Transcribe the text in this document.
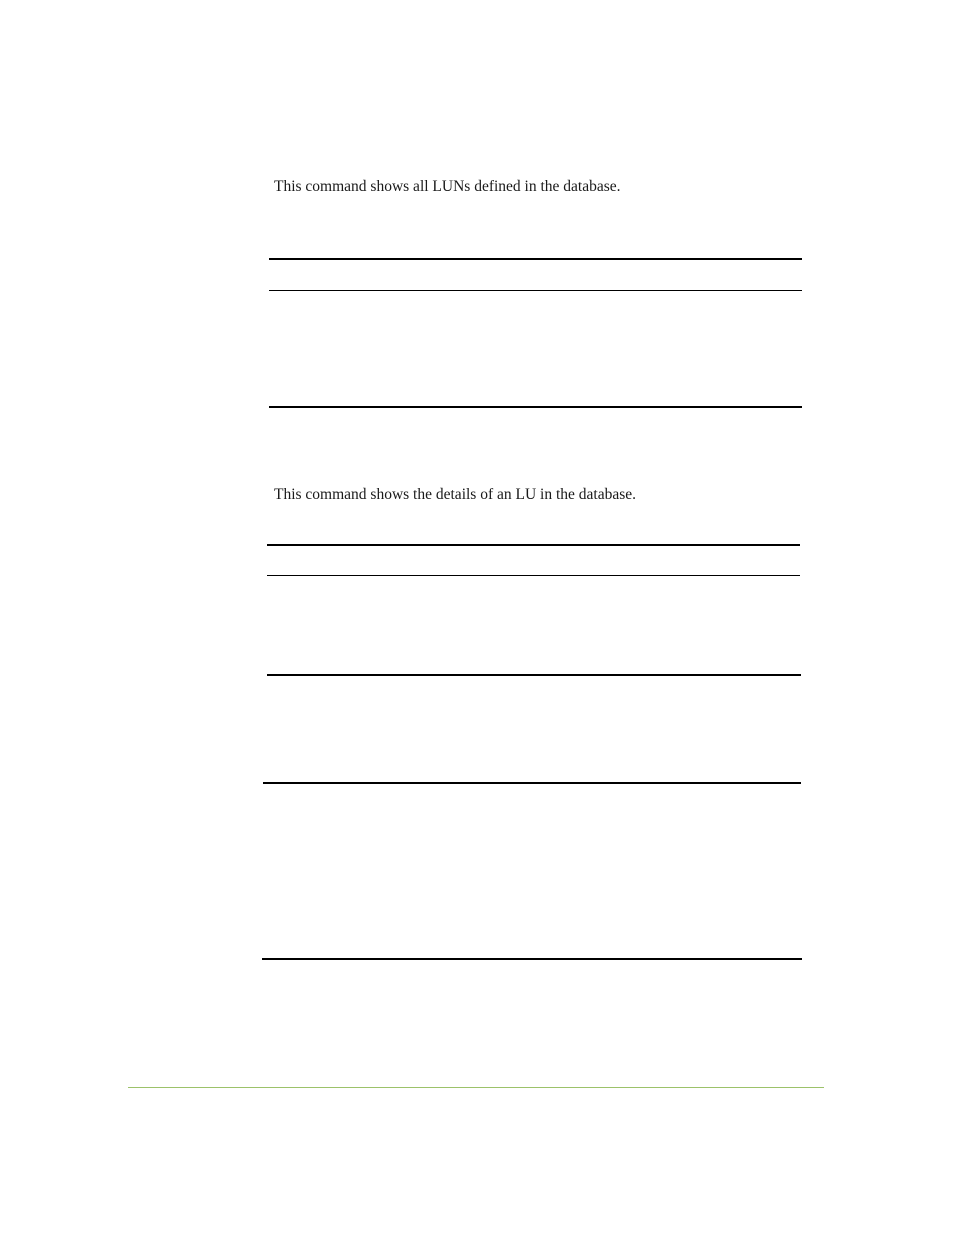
This command shows all LUNs defined in the database.

This command shows the details of an LU in the database.
